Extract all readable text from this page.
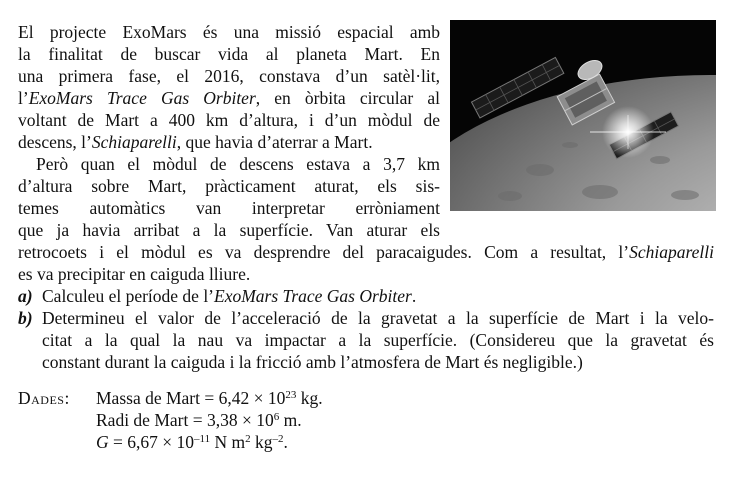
El projecte ExoMars és una missió espacial amb
la finalitat de buscar vida al planeta Mart. En
una primera fase, el 2016, constava d’un satèl·lit,
l’ExoMars Trace Gas Orbiter, en òrbita circular al
voltant de Mart a 400 km d’altura, i d’un mòdul de
descens, l’Schiaparelli, que havia d’aterrar a Mart.
Però quan el mòdul de descens estava a 3,7 km
d’altura sobre Mart, pràcticament aturat, els sis-
temes automàtics van interpretar erròniament
que ja havia arribat a la superfície. Van aturar els
retrocoets i el mòdul es va desprendre del paracaigudes. Com a resultat, l’Schiaparelli
es va precipitar en caiguda lliure.
a) Calculeu el període de l’ExoMars Trace Gas Orbiter.
b) Determineu el valor de l’acceleració de la gravetat a la superfície de Mart i la velo-
citat a la qual la nau va impactar a la superfície. (Considereu que la gravetat és
constant durant la caiguda i la fricció amb l’atmosfera de Mart és negligible.)
Dades: Massa de Mart = $6,42 \times 10^{23}$ kg.
Radi de Mart = $3,38 \times 10^6$ m.
$G = 6,67 \times 10^{-11}$ N $m^2$ $kg^{-2}$.
